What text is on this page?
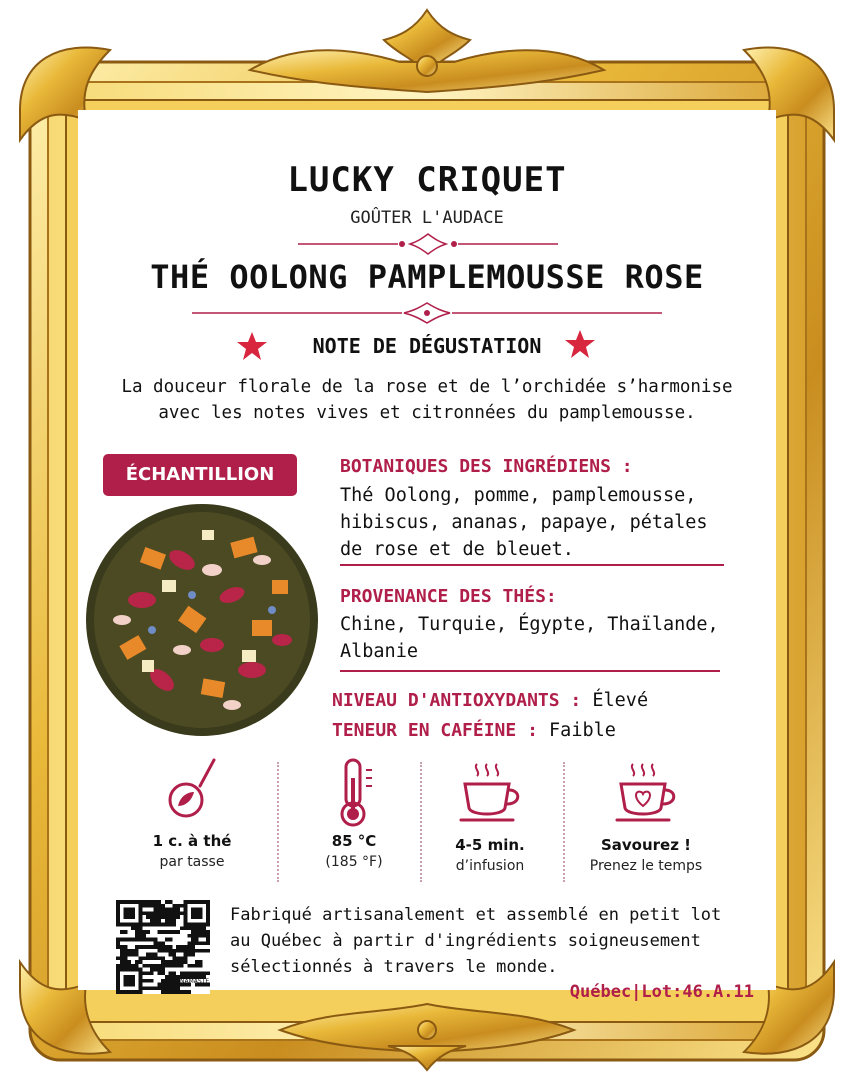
LUCKY CRIQUET
GOÛTER L'AUDACE
THÉ OOLONG PAMPLEMOUSSE ROSE
NOTE DE DÉGUSTATION
La douceur florale de la rose et de l’orchidée s’harmonise
avec les notes vives et citronnées du pamplemousse.
ÉCHANTILLION	BOTANIQUES DES INGRÉDIENS :
Thé Oolong, pomme, pamplemousse,
hibiscus, ananas, papaye, pétales
de rose et de bleuet.
PROVENANCE DES THÉS:
Chine, Turquie, Égypte, Thaïlande,
Albanie
NIVEAU D'ANTIOXYDANTS : Élevé
TENEUR EN CAFÉINE : Faible
1 c. à thé
par tasse
85 °C
(185 °F)
4-5 min.
d’infusion
Savourez !
Prenez le temps
NAMASTE
Fabriqué artisanalement et assemblé en petit lot
au Québec à partir d'ingrédients soigneusement
sélectionnés à travers le monde.
Québec|Lot:46.A.11
